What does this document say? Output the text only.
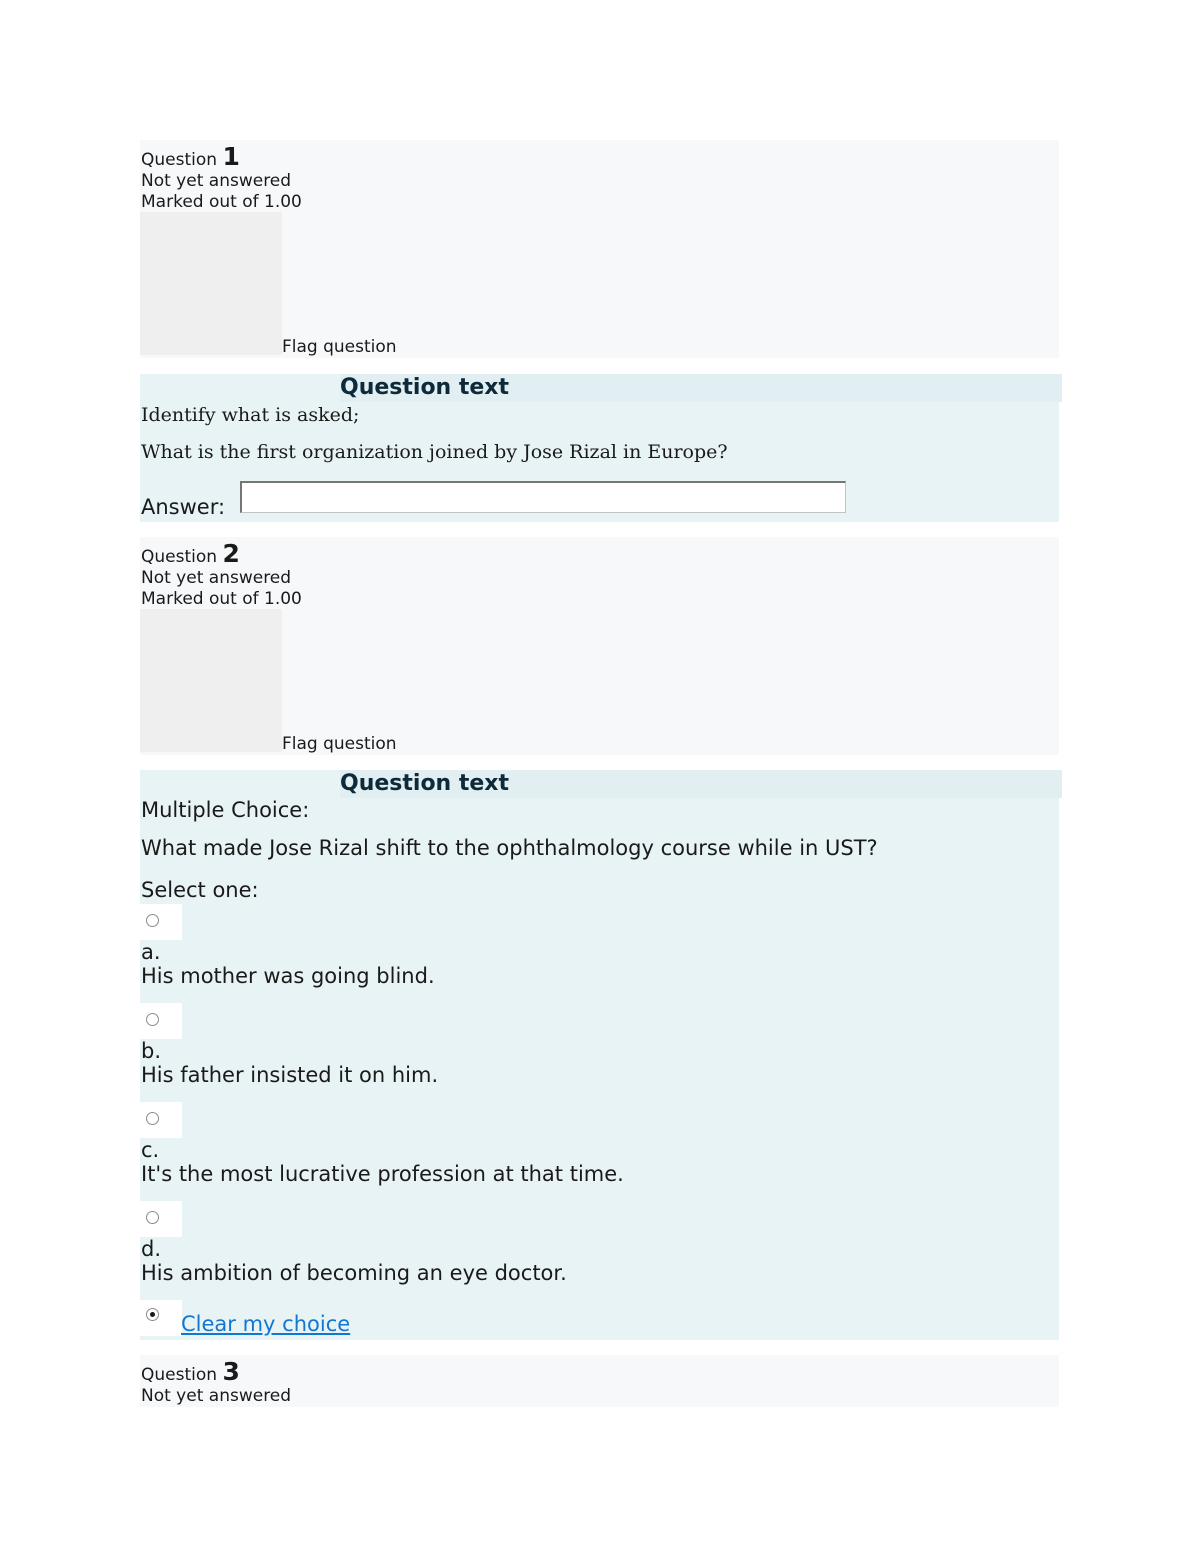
Question 1
Not yet answered
Marked out of 1.00
Flag question
Question text
Identify what is asked;
What is the first organization joined by Jose Rizal in Europe?
Answer:
Question 2
Not yet answered
Marked out of 1.00
Flag question
Question text
Multiple Choice:
What made Jose Rizal shift to the ophthalmology course while in UST?
Select one:
a.
His mother was going blind.
b.
His father insisted it on him.
c.
It's the most lucrative profession at that time.
d.
His ambition of becoming an eye doctor.
Clear my choice
Question 3
Not yet answered
